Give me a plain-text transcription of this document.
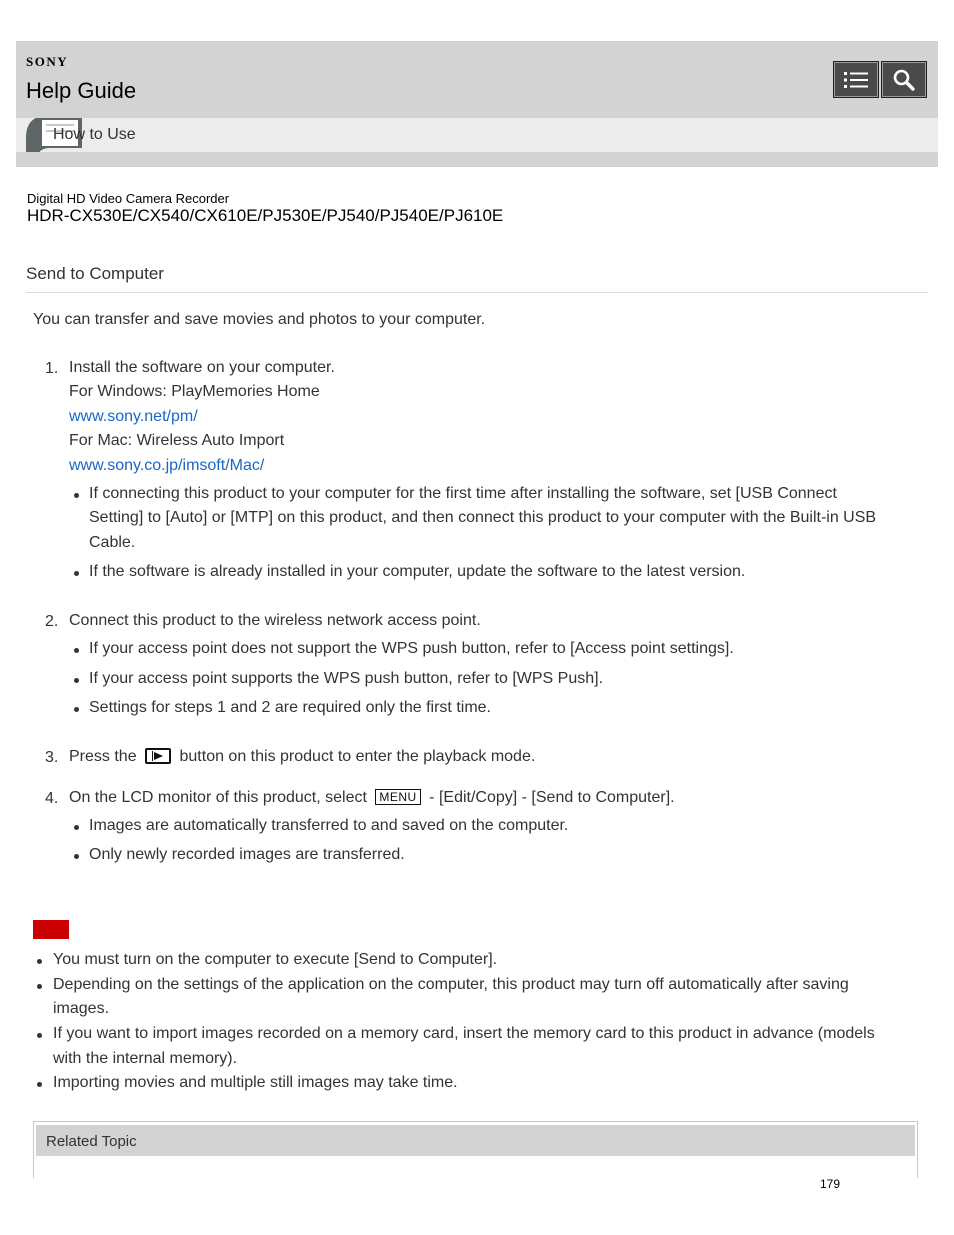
SONY
Help Guide
How to Use
Digital HD Video Camera Recorder
HDR-CX530E/CX540/CX610E/PJ530E/PJ540/PJ540E/PJ610E
Send to Computer
You can transfer and save movies and photos to your computer.
1. Install the software on your computer.
For Windows: PlayMemories Home
www.sony.net/pm/
For Mac: Wireless Auto Import
www.sony.co.jp/imsoft/Mac/
If connecting this product to your computer for the first time after installing the software, set [USB Connect
Setting] to [Auto] or [MTP] on this product, and then connect this product to your computer with the Built-in USB
Cable.
If the software is already installed in your computer, update the software to the latest version.
2. Connect this product to the wireless network access point.
If your access point does not support the WPS push button, refer to [Access point settings].
If your access point supports the WPS push button, refer to [WPS Push].
Settings for steps 1 and 2 are required only the first time.
3. Press the	button on this product to enter the playback mode.
4. On the LCD monitor of this product, select MENU - [Edit/Copy] - [Send to Computer].
Images are automatically transferred to and saved on the computer.
Only newly recorded images are transferred.
You must turn on the computer to execute [Send to Computer].
Depending on the settings of the application on the computer, this product may turn off automatically after saving
images.
If you want to import images recorded on a memory card, insert the memory card to this product in advance (models
with the internal memory).
Importing movies and multiple still images may take time.
Related Topic
179
